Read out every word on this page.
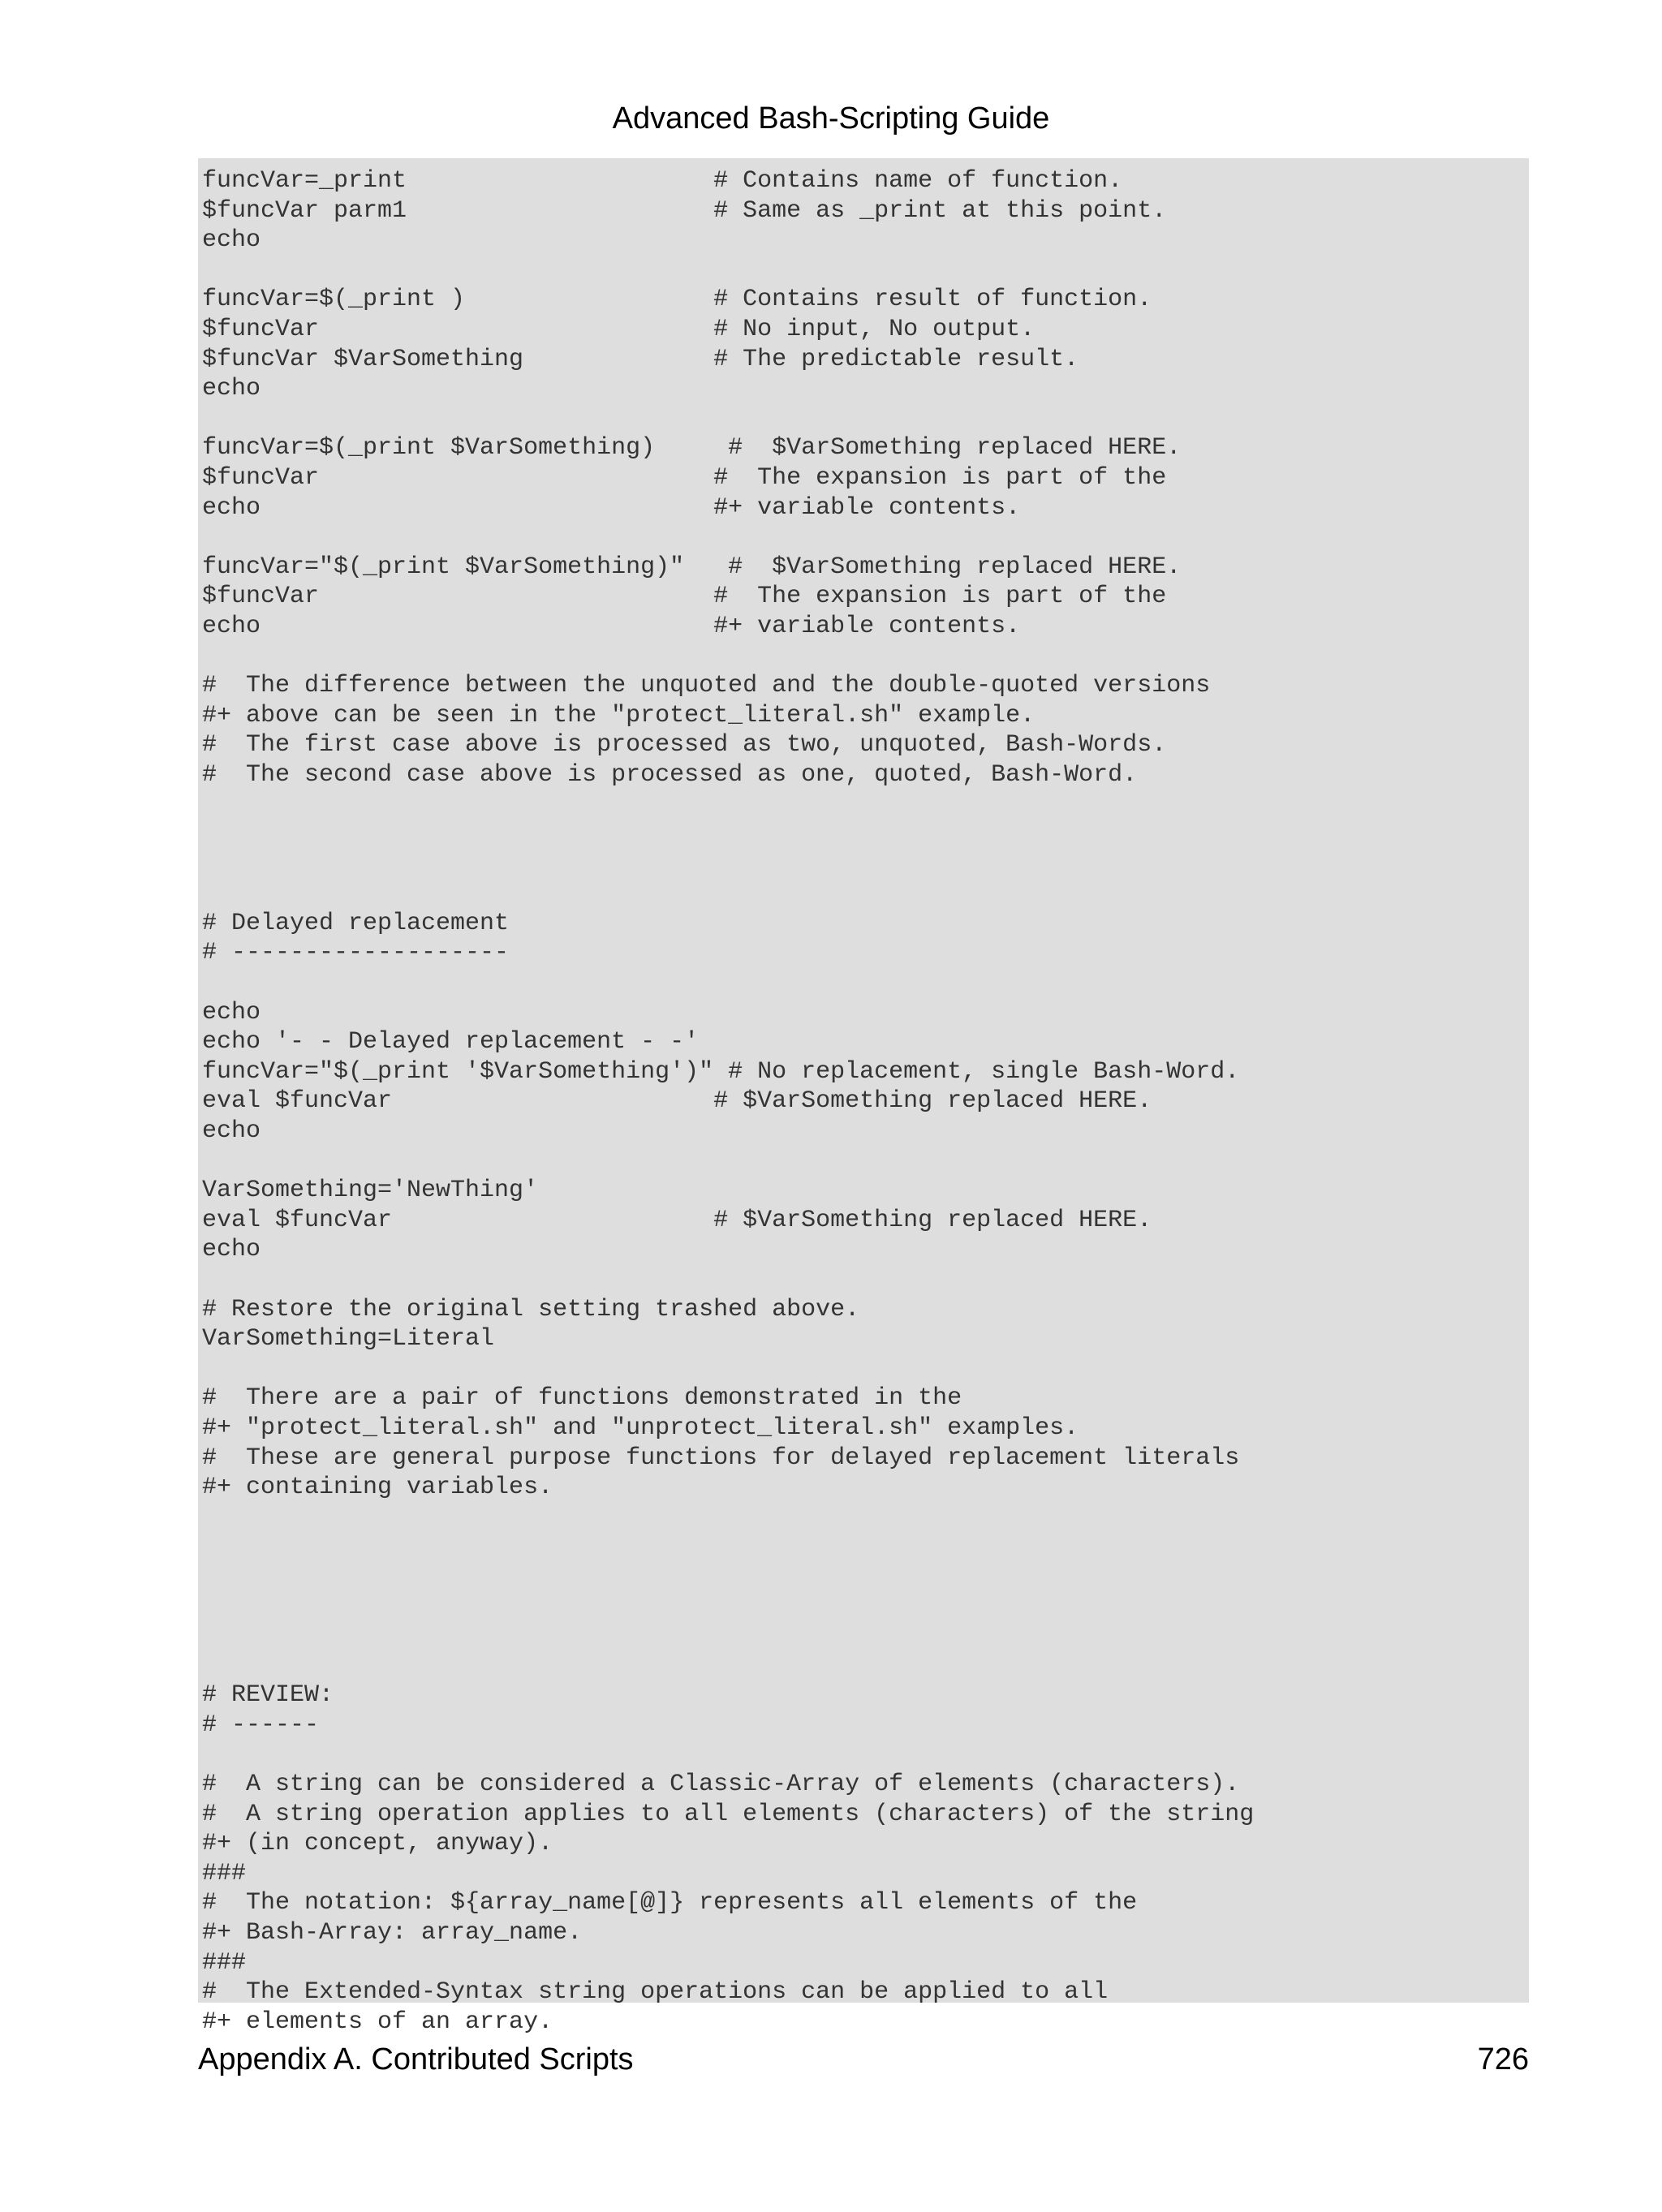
Advanced Bash-Scripting Guide
funcVar=_print                     # Contains name of function.
$funcVar parm1                     # Same as _print at this point.
echo
funcVar=$(_print )                 # Contains result of function.
$funcVar                           # No input, No output.
$funcVar $VarSomething             # The predictable result.
echo
funcVar=$(_print $VarSomething)     #  $VarSomething replaced HERE.
$funcVar                           #  The expansion is part of the
echo                               #+ variable contents.
funcVar="$(_print $VarSomething)"   #  $VarSomething replaced HERE.
$funcVar                           #  The expansion is part of the
echo                               #+ variable contents.
#  The difference between the unquoted and the double-quoted versions
#+ above can be seen in the "protect_literal.sh" example.
#  The first case above is processed as two, unquoted, Bash-Words.
#  The second case above is processed as one, quoted, Bash-Word.
# Delayed replacement
# -------------------
echo
echo '- - Delayed replacement - -'
funcVar="$(_print '$VarSomething')" # No replacement, single Bash-Word.
eval $funcVar                      # $VarSomething replaced HERE.
echo
VarSomething='NewThing'
eval $funcVar                      # $VarSomething replaced HERE.
echo
# Restore the original setting trashed above.
VarSomething=Literal
#  There are a pair of functions demonstrated in the
#+ "protect_literal.sh" and "unprotect_literal.sh" examples.
#  These are general purpose functions for delayed replacement literals
#+ containing variables.
# REVIEW:
# ------
#  A string can be considered a Classic-Array of elements (characters).
#  A string operation applies to all elements (characters) of the string
#+ (in concept, anyway).
###
#  The notation: ${array_name[@]} represents all elements of the
#+ Bash-Array: array_name.
###
#  The Extended-Syntax string operations can be applied to all
#+ elements of an array.
Appendix A. Contributed Scripts	726
